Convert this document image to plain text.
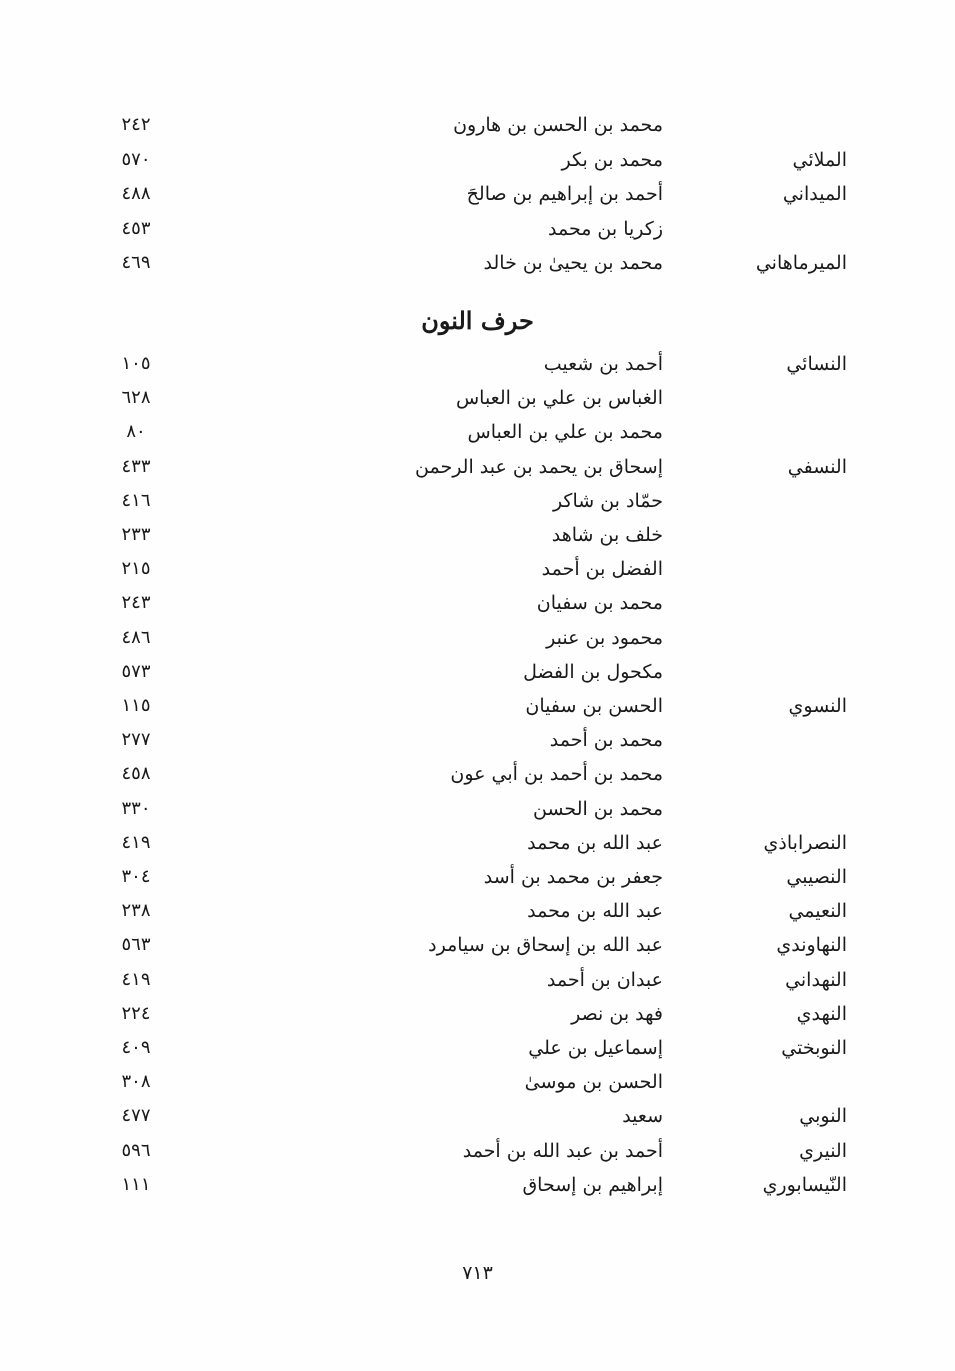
محمد بن الحسن بن هارون
٢٤٢
الملائي
محمد بن بكر
٥٧٠
الميداني
أحمد بن إبراهيم بن صالحَ
٤٨٨
زكريا بن محمد
٤٥٣
الميرماهاني
محمد بن يحيىٰ بن خالد
٤٦٩
حرف النون
النسائي
أحمد بن شعيب
١٠٥
الغباس بن علي بن العباس
٦٢٨
محمد بن علي بن العباس
٨٠
النسفي
إسحاق بن يحمد بن عبد الرحمن
٤٣٣
حمّاد بن شاكر
٤١٦
خلف بن شاهد
٢٣٣
الفضل بن أحمد
٢١٥
محمد بن سفيان
٢٤٣
محمود بن عنبر
٤٨٦
مكحول بن الفضل
٥٧٣
النسوي
الحسن بن سفيان
١١٥
محمد بن أحمد
٢٧٧
محمد بن أحمد بن أبي عون
٤٥٨
محمد بن الحسن
٣٣٠
النصراباذي
عبد الله بن محمد
٤١٩
النصيبي
جعفر بن محمد بن أسد
٣٠٤
النعيمي
عبد الله بن محمد
٢٣٨
النهاوندي
عبد الله بن إسحاق بن سيامرد
٥٦٣
النهداني
عبدان بن أحمد
٤١٩
النهدي
فهد بن نصر
٢٢٤
النوبختي
إسماعيل بن علي
٤٠٩
الحسن بن موسىٰ
٣٠٨
النوبي
سعيد
٤٧٧
النيري
أحمد بن عبد الله بن أحمد
٥٩٦
النّيسابوري
إبراهيم بن إسحاق
١١١
٧١٣
